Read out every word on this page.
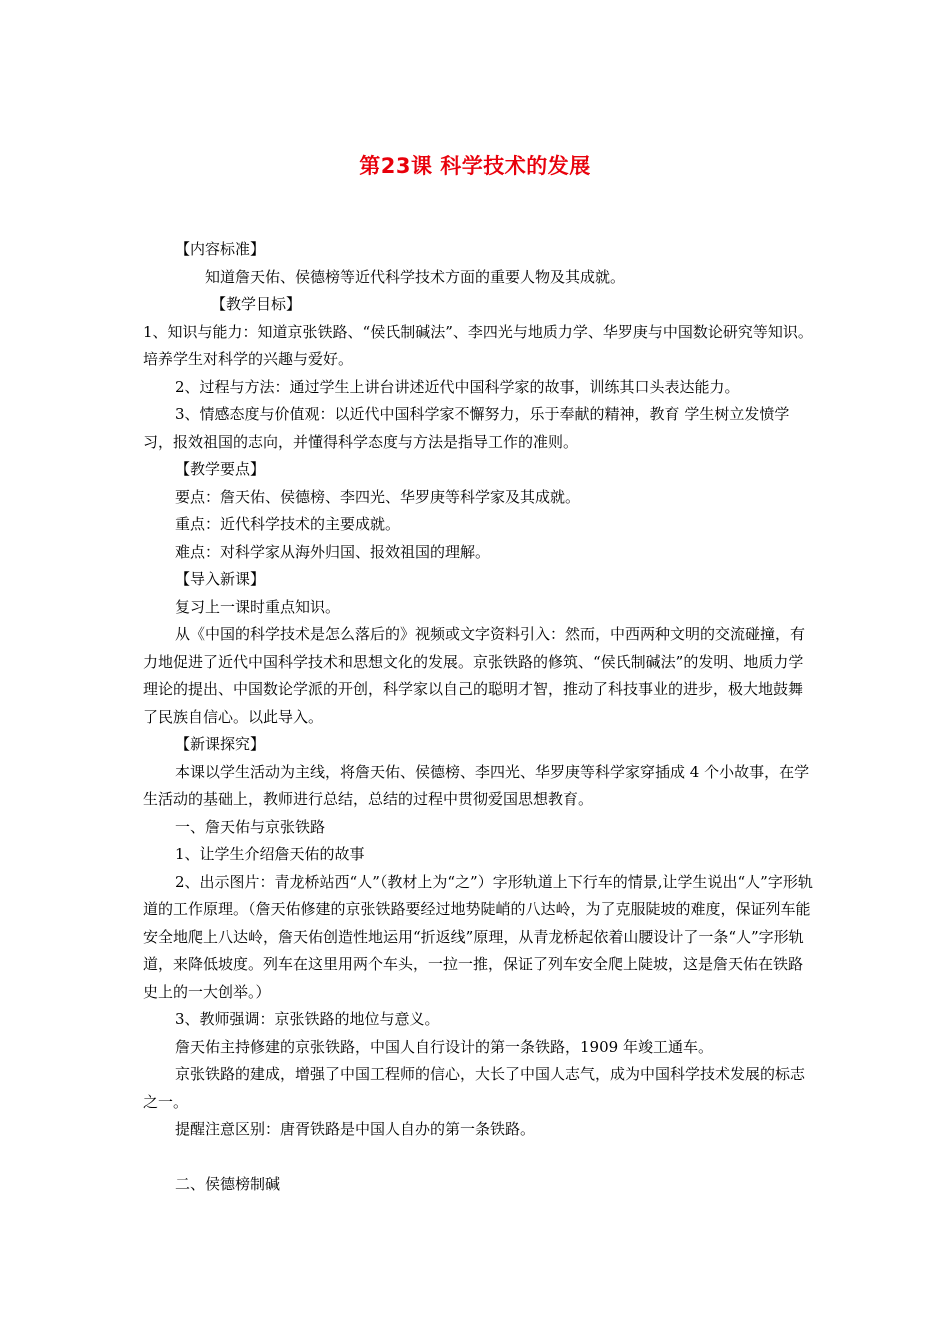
第23课 科学技术的发展

【内容标准】

知道詹天佑、侯德榜等近代科学技术方面的重要人物及其成就。

【教学目标】

1、知识与能力：知道京张铁路、“侯氏制碱法”、李四光与地质力学、华罗庚与中国数论研究等知识。培养学生对科学的兴趣与爱好。

2、过程与方法：通过学生上讲台讲述近代中国科学家的故事，训练其口头表达能力。

3、情感态度与价值观：以近代中国科学家不懈努力，乐于奉献的精神，教育 学生树立发愤学习，报效祖国的志向，并懂得科学态度与方法是指导工作的准则。

【教学要点】

要点：詹天佑、侯德榜、李四光、华罗庚等科学家及其成就。

重点：近代科学技术的主要成就。

难点：对科学家从海外归国、报效祖国的理解。

【导入新课】

复习上一课时重点知识。

从《中国的科学技术是怎么落后的》视频或文字资料引入：然而，中西两种文明的交流碰撞，有力地促进了近代中国科学技术和思想文化的发展。京张铁路的修筑、“侯氏制碱法”的发明、地质力学理论的提出、中国数论学派的开创，科学家以自己的聪明才智，推动了科技事业的进步，极大地鼓舞了民族自信心。以此导入。

【新课探究】

本课以学生活动为主线，将詹天佑、侯德榜、李四光、华罗庚等科学家穿插成 4 个小故事，在学生活动的基础上，教师进行总结，总结的过程中贯彻爱国思想教育。

一、詹天佑与京张铁路

1、让学生介绍詹天佑的故事

2、出示图片：青龙桥站西“人”（教材上为“之”）字形轨道上下行车的情景,让学生说出“人”字形轨道的工作原理。（詹天佑修建的京张铁路要经过地势陡峭的八达岭，为了克服陡坡的难度，保证列车能安全地爬上八达岭，詹天佑创造性地运用“折返线”原理，从青龙桥起依着山腰设计了一条“人”字形轨道，来降低坡度。列车在这里用两个车头，一拉一推，保证了列车安全爬上陡坡，这是詹天佑在铁路史上的一大创举。）

3、教师强调：京张铁路的地位与意义。

詹天佑主持修建的京张铁路，中国人自行设计的第一条铁路，1909 年竣工通车。

京张铁路的建成，增强了中国工程师的信心，大长了中国人志气，成为中国科学技术发展的标志之一。

提醒注意区别：唐胥铁路是中国人自办的第一条铁路。

二、侯德榜制碱
